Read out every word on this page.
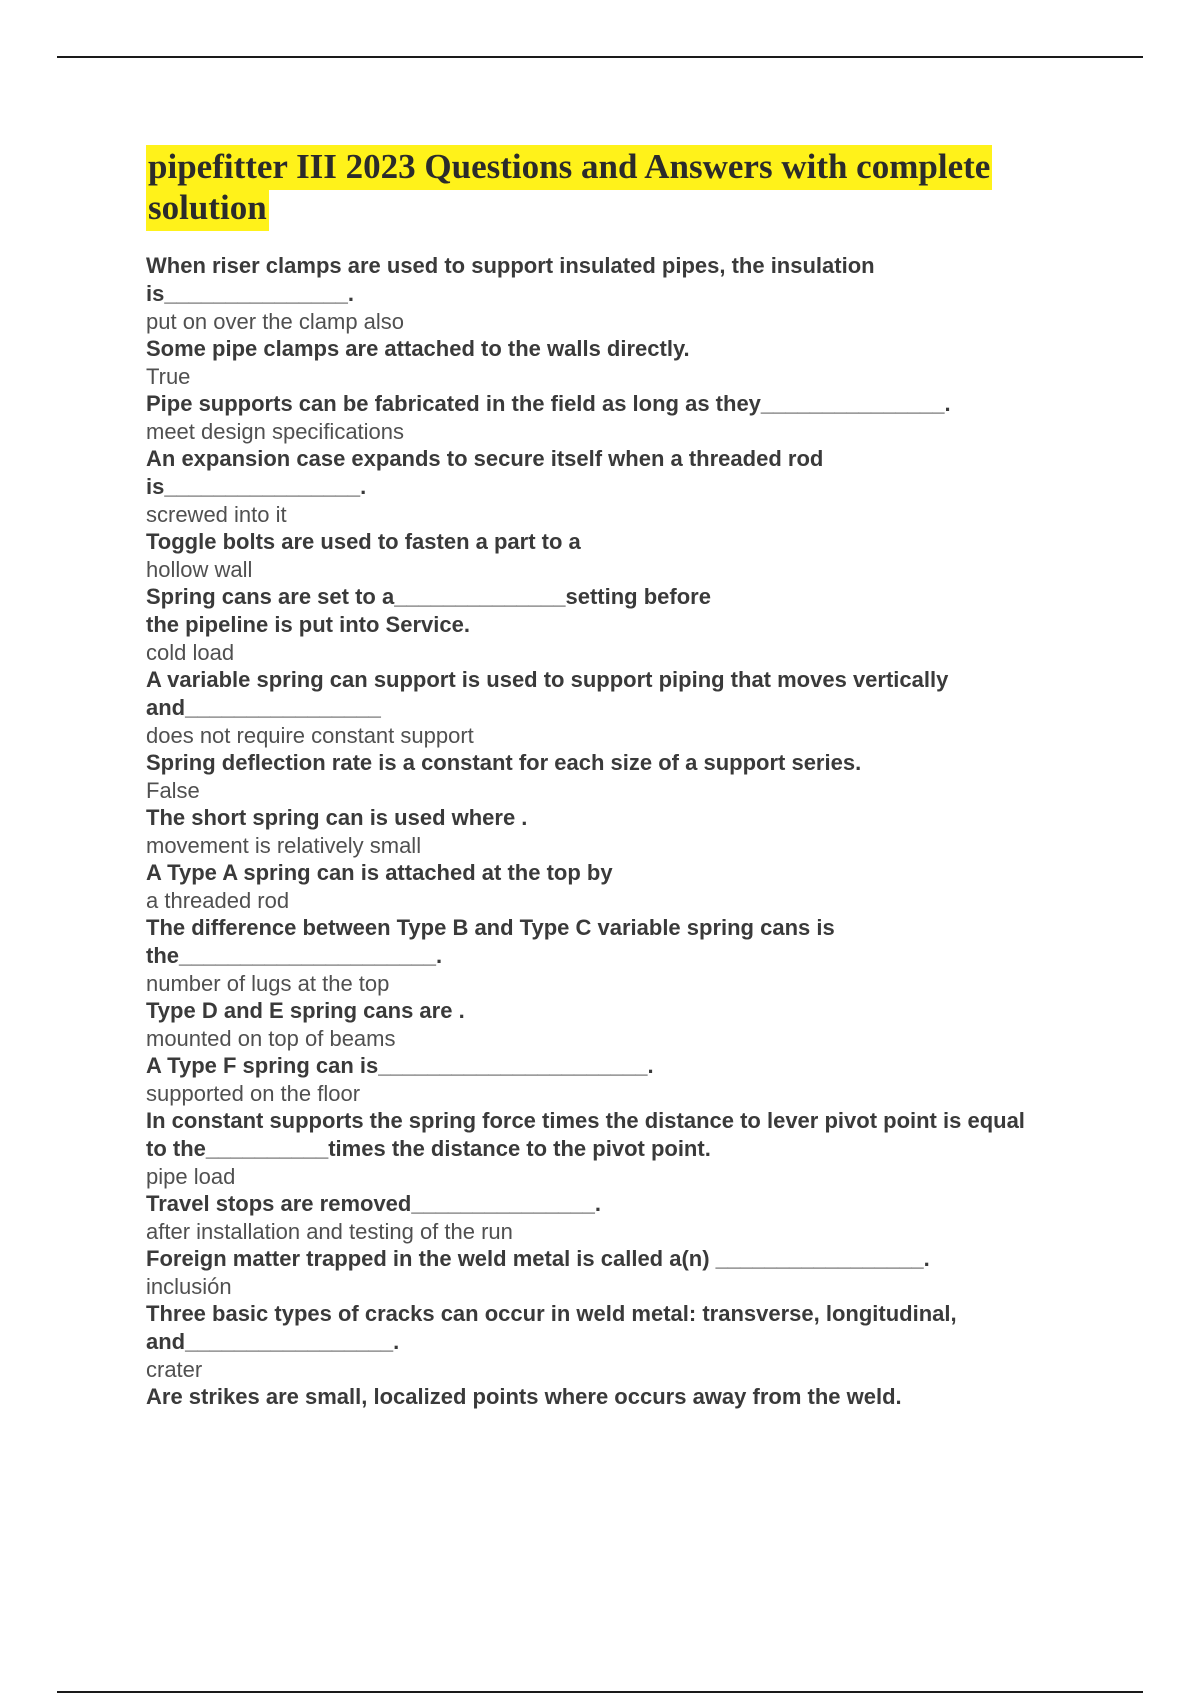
pipefitter III 2023 Questions and Answers with complete solution
When riser clamps are used to support insulated pipes, the insulation is_______________.
put on over the clamp also
Some pipe clamps are attached to the walls directly.
True
Pipe supports can be fabricated in the field as long as they_______________.
meet design specifications
An expansion case expands to secure itself when a threaded rod is________________.
screwed into it
Toggle bolts are used to fasten a part to a
hollow wall
Spring cans are set to a______________setting before
the pipeline is put into Service.
cold load
A variable spring can support is used to support piping that moves vertically and________________
does not require constant support
Spring deflection rate is a constant for each size of a support series.
False
The short spring can is used where .
movement is relatively small
A Type A spring can is attached at the top by
a threaded rod
The difference between Type B and Type C variable spring cans is the_____________________.
number of lugs at the top
Type D and E spring cans are .
mounted on top of beams
A Type F spring can is______________________.
supported on the floor
In constant supports the spring force times the distance to lever pivot point is equal to the__________times the distance to the pivot point.
pipe load
Travel stops are removed_______________.
after installation and testing of the run
Foreign matter trapped in the weld metal is called a(n) _________________.
inclusión
Three basic types of cracks can occur in weld metal: transverse, longitudinal, and_________________.
crater
Are strikes are small, localized points where occurs away from the weld.
